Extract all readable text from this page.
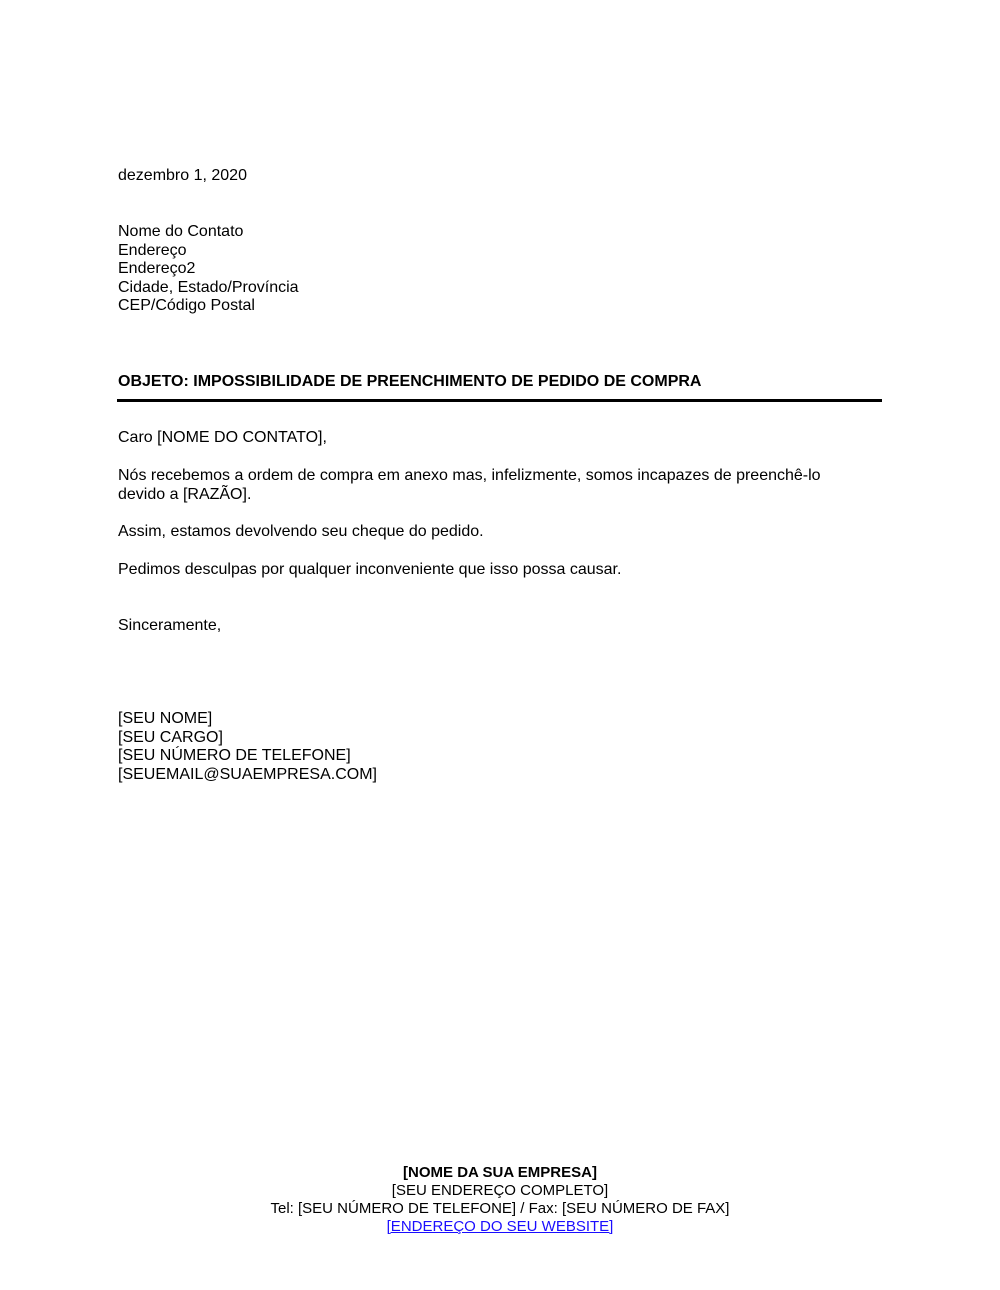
dezembro 1, 2020
Nome do Contato
Endereço
Endereço2
Cidade, Estado/Província
CEP/Código Postal
OBJETO: IMPOSSIBILIDADE DE PREENCHIMENTO DE PEDIDO DE COMPRA
Caro [NOME DO CONTATO],
Nós recebemos a ordem de compra em anexo mas, infelizmente, somos incapazes de preenchê-lo
devido a [RAZÃO].
Assim, estamos devolvendo seu cheque do pedido.
Pedimos desculpas por qualquer inconveniente que isso possa causar.
Sinceramente,
[SEU NOME]
[SEU CARGO]
[SEU NÚMERO DE TELEFONE]
[SEUEMAIL@SUAEMPRESA.COM]
[NOME DA SUA EMPRESA]
[SEU ENDEREÇO COMPLETO]
Tel: [SEU NÚMERO DE TELEFONE] / Fax: [SEU NÚMERO DE FAX]
[ENDEREÇO DO SEU WEBSITE]
